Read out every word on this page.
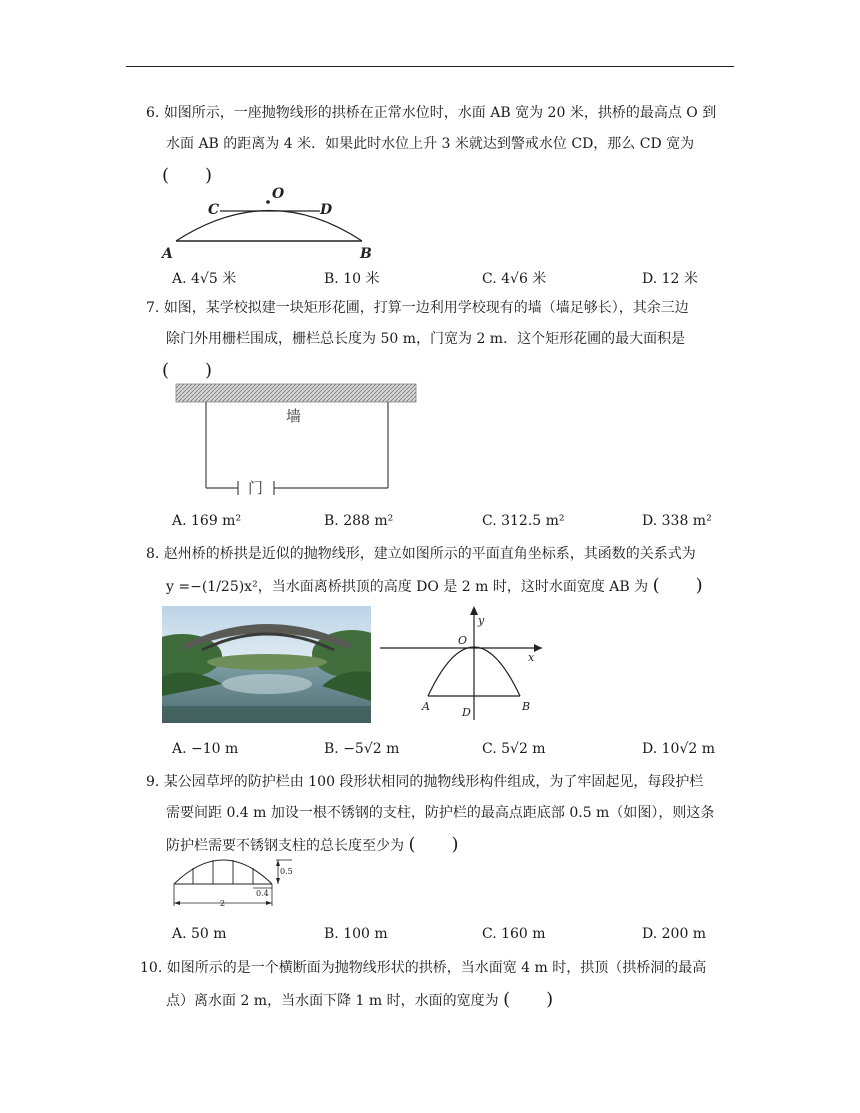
6. 如图所示，一座抛物线形的拱桥在正常水位时，水面 AB 宽为 20 米，拱桥的最高点 O 到
水面 AB 的距离为 4 米．如果此时水位上升 3 米就达到警戒水位 CD，那么 CD 宽为
(　　)
A	B
C	D
O
A. 4√5 米	B. 10 米	C. 4√6 米	D. 12 米
7. 如图，某学校拟建一块矩形花圃，打算一边利用学校现有的墙（墙足够长），其余三边
除门外用栅栏围成，栅栏总长度为 50 m，门宽为 2 m．这个矩形花圃的最大面积是
(　　)
墙
门
A. 169 m²	B. 288 m²	C. 312.5 m²	D. 338 m²
8. 赵州桥的桥拱是近似的抛物线形，建立如图所示的平面直角坐标系，其函数的关系式为
y =−(1/25)x²，当水面离桥拱顶的高度 DO 是 2 m 时，这时水面宽度 AB 为 (　　)
y
x
O
A	D	B
A. −10 m	B. −5√2 m	C. 5√2 m	D. 10√2 m
9. 某公园草坪的防护栏由 100 段形状相同的抛物线形构件组成，为了牢固起见，每段护栏
需要间距 0.4 m 加设一根不锈钢的支柱，防护栏的最高点距底部 0.5 m（如图），则这条
防护栏需要不锈钢支柱的总长度至少为 (　　)
0.5
0.4
2
A. 50 m	B. 100 m	C. 160 m	D. 200 m
10. 如图所示的是一个横断面为抛物线形状的拱桥，当水面宽 4 m 时，拱顶（拱桥洞的最高
点）离水面 2 m，当水面下降 1 m 时，水面的宽度为 (　　)
